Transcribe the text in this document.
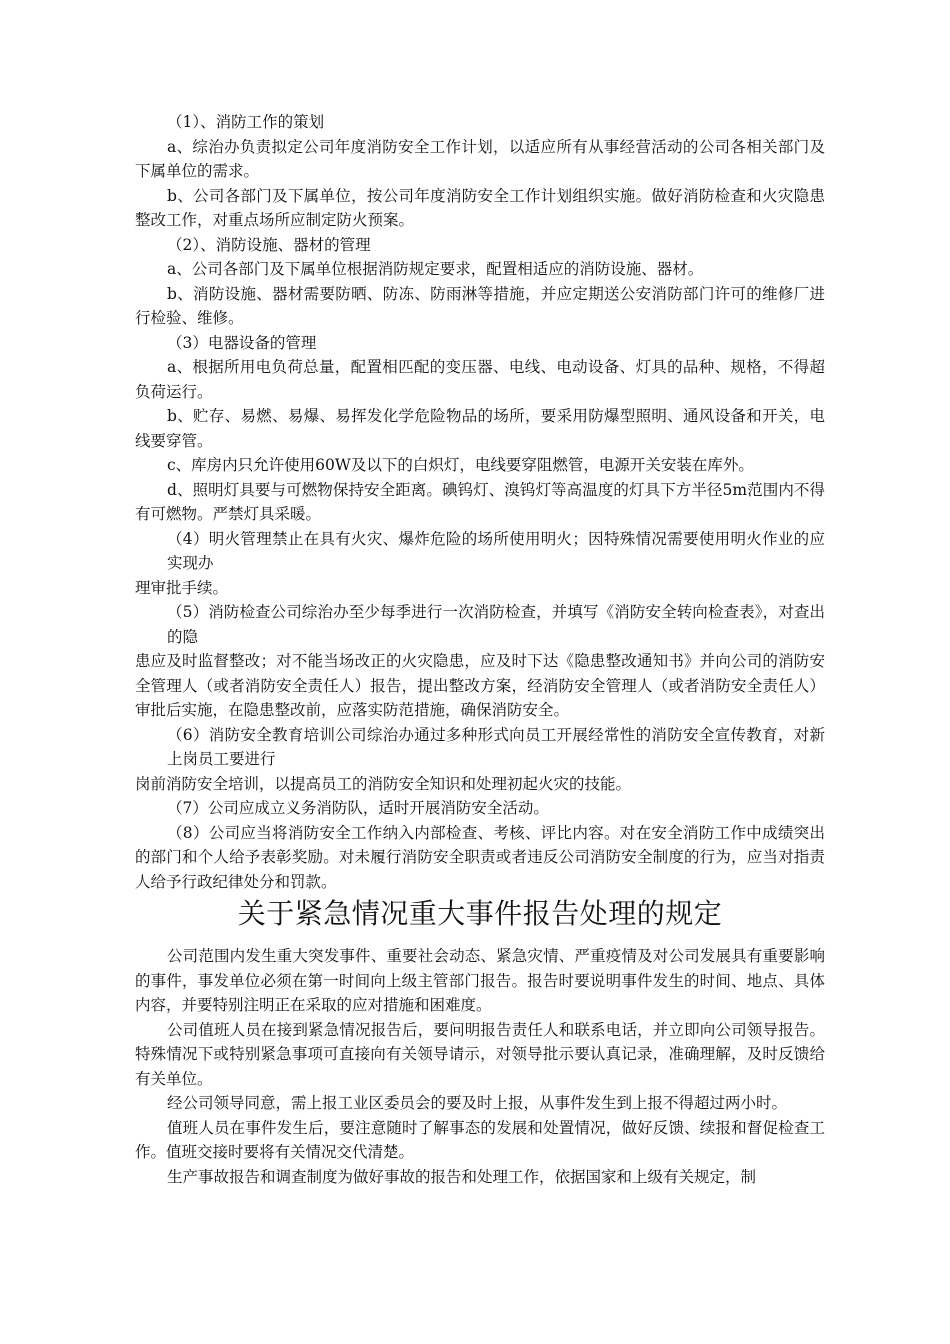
（1）、消防工作的策划

a、综治办负责拟定公司年度消防安全工作计划，以适应所有从事经营活动的公司各相关部门及下属单位的需求。

b、公司各部门及下属单位，按公司年度消防安全工作计划组织实施。做好消防检查和火灾隐患整改工作，对重点场所应制定防火预案。

（2）、消防设施、器材的管理

a、公司各部门及下属单位根据消防规定要求，配置相适应的消防设施、器材。

b、消防设施、器材需要防晒、防冻、防雨淋等措施，并应定期送公安消防部门许可的维修厂进行检验、维修。

（3）电器设备的管理

a、根据所用电负荷总量，配置相匹配的变压器、电线、电动设备、灯具的品种、规格，不得超负荷运行。

b、贮存、易燃、易爆、易挥发化学危险物品的场所，要采用防爆型照明、通风设备和开关，电线要穿管。

c、库房内只允许使用60W及以下的白炽灯，电线要穿阻燃管，电源开关安装在库外。

d、照明灯具要与可燃物保持安全距离。碘钨灯、溴钨灯等高温度的灯具下方半径5m范围内不得有可燃物。严禁灯具采暖。

（4）明火管理禁止在具有火灾、爆炸危险的场所使用明火；因特殊情况需要使用明火作业的应实现办

理审批手续。

（5）消防检查公司综治办至少每季进行一次消防检查，并填写《消防安全转向检查表》，对查出的隐

患应及时监督整改；对不能当场改正的火灾隐患，应及时下达《隐患整改通知书》并向公司的消防安全管理人（或者消防安全责任人）报告，提出整改方案，经消防安全管理人（或者消防安全责任人）审批后实施，在隐患整改前，应落实防范措施，确保消防安全。

（6）消防安全教育培训公司综治办通过多种形式向员工开展经常性的消防安全宣传教育，对新上岗员工要进行

岗前消防安全培训，以提高员工的消防安全知识和处理初起火灾的技能。

（7）公司应成立义务消防队，适时开展消防安全活动。

（8）公司应当将消防安全工作纳入内部检查、考核、评比内容。对在安全消防工作中成绩突出的部门和个人给予表彰奖励。对未履行消防安全职责或者违反公司消防安全制度的行为，应当对指责人给予行政纪律处分和罚款。

关于紧急情况重大事件报告处理的规定

公司范围内发生重大突发事件、重要社会动态、紧急灾情、严重疫情及对公司发展具有重要影响的事件，事发单位必须在第一时间向上级主管部门报告。报告时要说明事件发生的时间、地点、具体内容，并要特别注明正在采取的应对措施和困难度。

公司值班人员在接到紧急情况报告后，要问明报告责任人和联系电话，并立即向公司领导报告。特殊情况下或特别紧急事项可直接向有关领导请示，对领导批示要认真记录，准确理解，及时反馈给有关单位。

经公司领导同意，需上报工业区委员会的要及时上报，从事件发生到上报不得超过两小时。

值班人员在事件发生后，要注意随时了解事态的发展和处置情况，做好反馈、续报和督促检查工作。值班交接时要将有关情况交代清楚。

生产事故报告和调查制度为做好事故的报告和处理工作，依据国家和上级有关规定，制
